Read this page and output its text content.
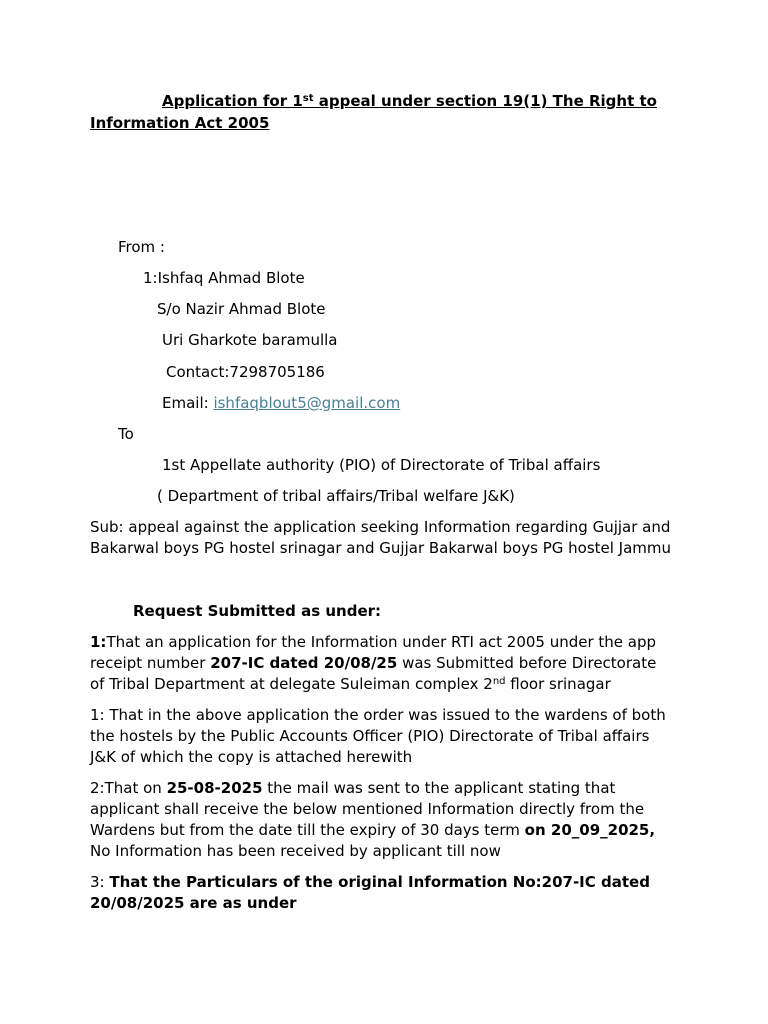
Application for 1st appeal under section 19(1) The Right to
Information Act 2005
From :
1:Ishfaq Ahmad Blote
S/o Nazir Ahmad Blote
Uri Gharkote baramulla
Contact:7298705186
Email: ishfaqblout5@gmail.com
To
1st Appellate authority (PIO) of Directorate of Tribal affairs
( Department of tribal affairs/Tribal welfare J&K)
Sub: appeal against the application seeking Information regarding Gujjar and
Bakarwal boys PG hostel srinagar and Gujjar Bakarwal boys PG hostel Jammu
Request Submitted as under:
1:That an application for the Information under RTI act 2005 under the app
receipt number 207-IC dated 20/08/25 was Submitted before Directorate
of Tribal Department at delegate Suleiman complex 2nd floor srinagar
1: That in the above application the order was issued to the wardens of both
the hostels by the Public Accounts Officer (PIO) Directorate of Tribal affairs
J&K of which the copy is attached herewith
2:That on 25-08-2025 the mail was sent to the applicant stating that
applicant shall receive the below mentioned Information directly from the
Wardens but from the date till the expiry of 30 days term on 20_09_2025,
No Information has been received by applicant till now
3: That the Particulars of the original Information No:207-IC dated
20/08/2025 are as under
